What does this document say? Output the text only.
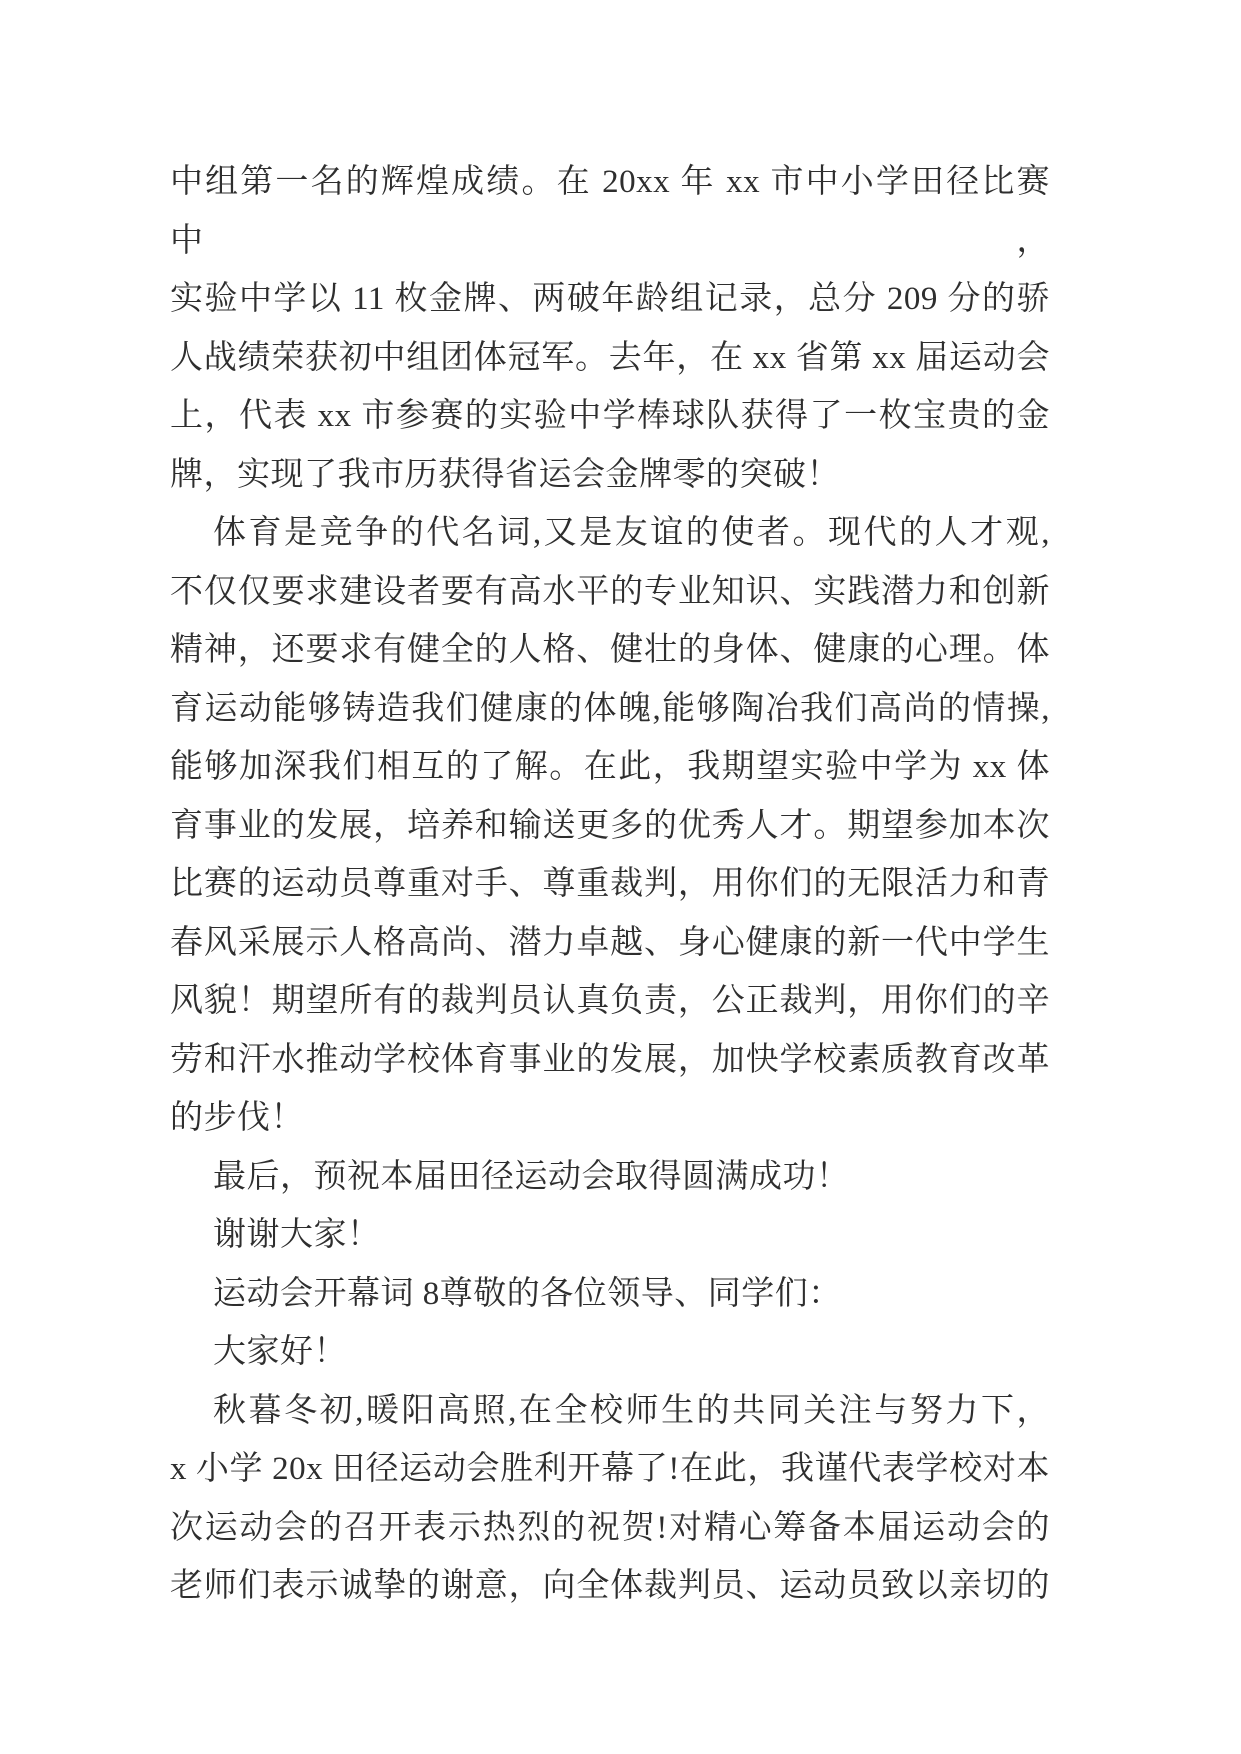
中组第一名的辉煌成绩。在 20xx 年 xx 市中小学田径比赛中，
实验中学以 11 枚金牌、两破年龄组记录，总分 209 分的骄
人战绩荣获初中组团体冠军。去年，在 xx 省第 xx 届运动会
上，代表 xx 市参赛的实验中学棒球队获得了一枚宝贵的金
牌，实现了我市历获得省运会金牌零的突破！
体育是竞争的代名词,又是友谊的使者。现代的人才观,
不仅仅要求建设者要有高水平的专业知识、实践潜力和创新
精神，还要求有健全的人格、健壮的身体、健康的心理。体
育运动能够铸造我们健康的体魄,能够陶冶我们高尚的情操,
能够加深我们相互的了解。在此，我期望实验中学为 xx 体
育事业的发展，培养和输送更多的优秀人才。期望参加本次
比赛的运动员尊重对手、尊重裁判，用你们的无限活力和青
春风采展示人格高尚、潜力卓越、身心健康的新一代中学生
风貌！期望所有的裁判员认真负责，公正裁判，用你们的辛
劳和汗水推动学校体育事业的发展，加快学校素质教育改革
的步伐！
最后，预祝本届田径运动会取得圆满成功！
谢谢大家！
运动会开幕词 8尊敬的各位领导、同学们：
大家好！
秋暮冬初,暖阳高照,在全校师生的共同关注与努力下，
x 小学 20x 田径运动会胜利开幕了!在此，我谨代表学校对本
次运动会的召开表示热烈的祝贺!对精心筹备本届运动会的
老师们表示诚挚的谢意，向全体裁判员、运动员致以亲切的
